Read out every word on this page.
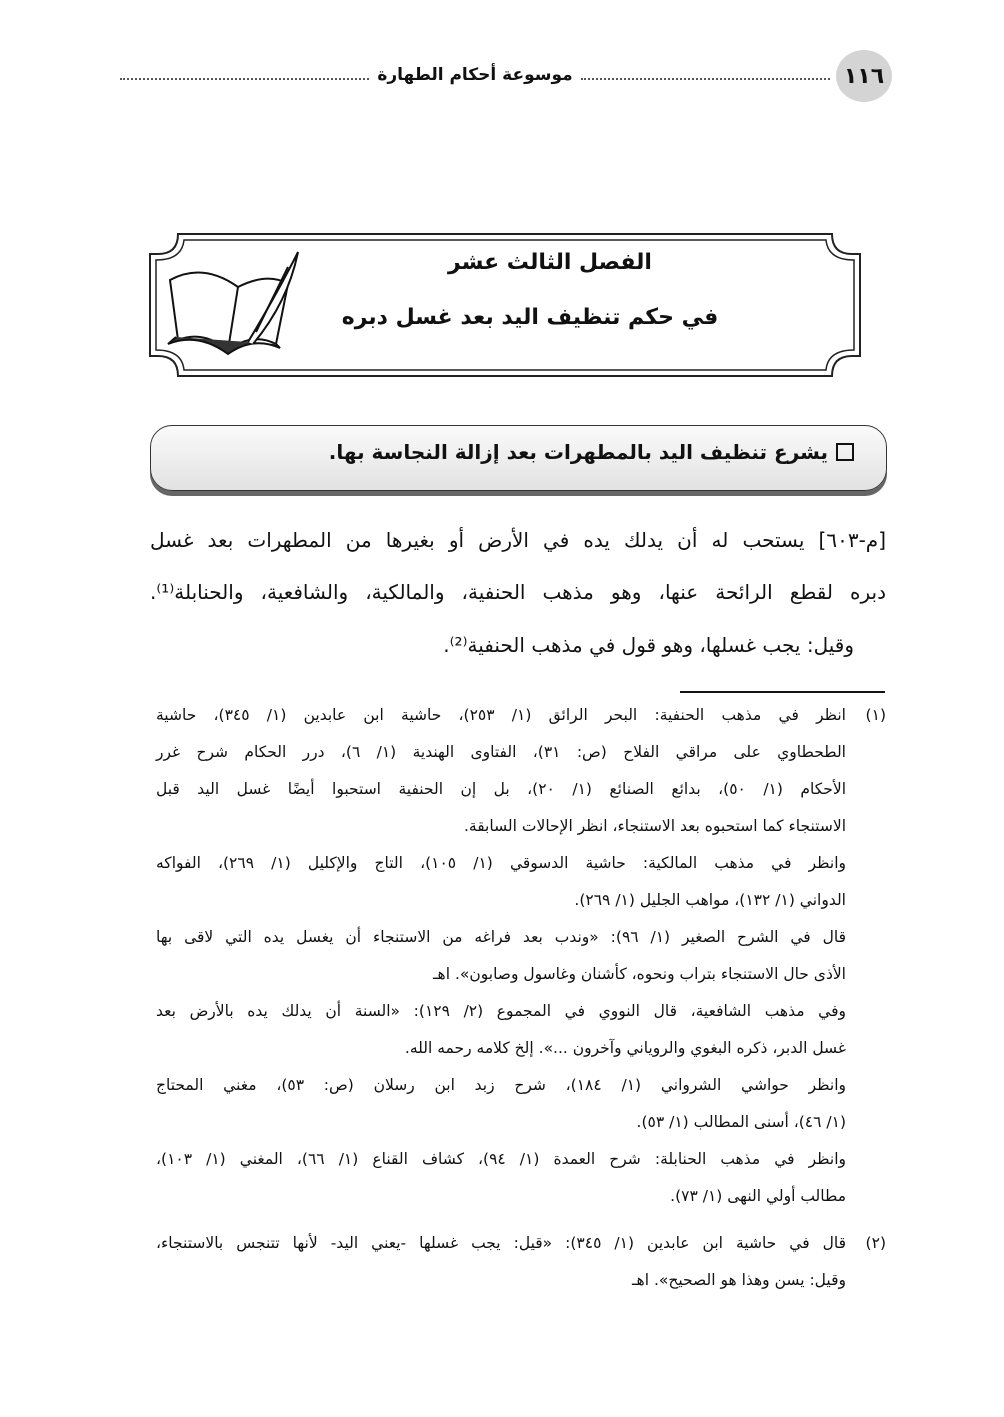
١١٦
موسوعة أحكام الطهارة
الفصل الثالث عشر
في حكم تنظيف اليد بعد غسل دبره
يشرع تنظيف اليد بالمطهرات بعد إزالة النجاسة بها.
[م-٦٠٣] يستحب له أن يدلك يده في الأرض أو بغيرها من المطهرات بعد غسل
دبره لقطع الرائحة عنها، وهو مذهب الحنفية، والمالكية، والشافعية، والحنابلة⁽¹⁾.
وقيل: يجب غسلها، وهو قول في مذهب الحنفية⁽²⁾.
(١)
انظر في مذهب الحنفية: البحر الرائق (١/ ٢٥٣)، حاشية ابن عابدين (١/ ٣٤٥)، حاشية
الطحطاوي على مراقي الفلاح (ص: ٣١)، الفتاوى الهندية (١/ ٦)، درر الحكام شرح غرر
الأحكام (١/ ٥٠)، بدائع الصنائع (١/ ٢٠)، بل إن الحنفية استحبوا أيضًا غسل اليد قبل
الاستنجاء كما استحبوه بعد الاستنجاء، انظر الإحالات السابقة.
وانظر في مذهب المالكية: حاشية الدسوقي (١/ ١٠٥)، التاج والإكليل (١/ ٢٦٩)، الفواكه
الدواني (١/ ١٣٢)، مواهب الجليل (١/ ٢٦٩).
قال في الشرح الصغير (١/ ٩٦): «وندب بعد فراغه من الاستنجاء أن يغسل يده التي لاقى بها
الأذى حال الاستنجاء بتراب ونحوه، كأشنان وغاسول وصابون». اهـ
وفي مذهب الشافعية، قال النووي في المجموع (٢/ ١٢٩): «السنة أن يدلك يده بالأرض بعد
غسل الدبر، ذكره البغوي والروياني وآخرون ...». إلخ كلامه رحمه الله.
وانظر حواشي الشرواني (١/ ١٨٤)، شرح زبد ابن رسلان (ص: ٥٣)، مغني المحتاج
(١/ ٤٦)، أسنى المطالب (١/ ٥٣).
وانظر في مذهب الحنابلة: شرح العمدة (١/ ٩٤)، كشاف القناع (١/ ٦٦)، المغني (١/ ١٠٣)،
مطالب أولي النهى (١/ ٧٣).
(٢)
قال في حاشية ابن عابدين (١/ ٣٤٥): «قيل: يجب غسلها -يعني اليد- لأنها تتنجس بالاستنجاء،
وقيل: يسن وهذا هو الصحيح». اهـ
